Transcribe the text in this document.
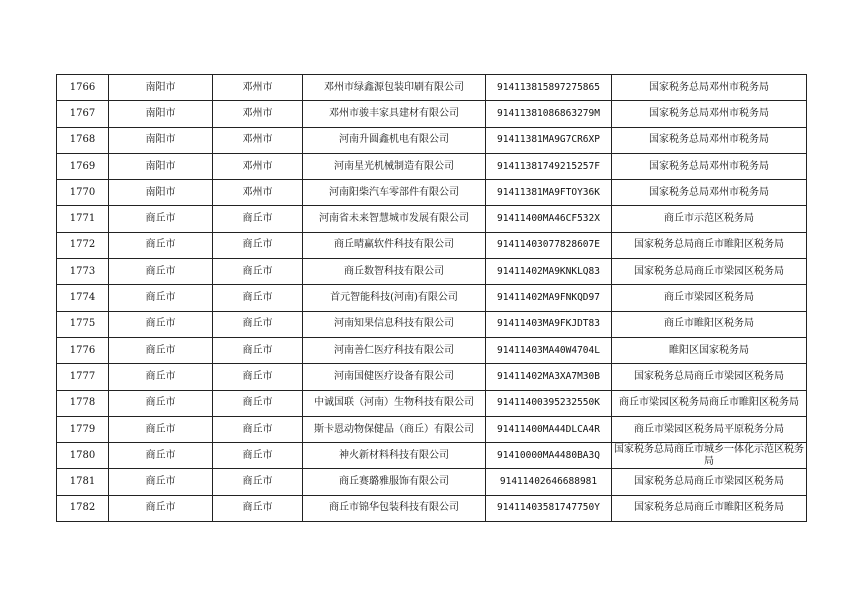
1766	南阳市	邓州市	邓州市绿鑫源包装印刷有限公司	914113815897275865	国家税务总局邓州市税务局
1767	南阳市	邓州市	邓州市骏丰家具建材有限公司	91411381086863279M	国家税务总局邓州市税务局
1768	南阳市	邓州市	河南升圆鑫机电有限公司	91411381MA9G7CR6XP	国家税务总局邓州市税务局
1769	南阳市	邓州市	河南星光机械制造有限公司	91411381749215257F	国家税务总局邓州市税务局
1770	南阳市	邓州市	河南阳柴汽车零部件有限公司	91411381MA9FTOY36K	国家税务总局邓州市税务局
1771	商丘市	商丘市	河南省未来智慧城市发展有限公司	91411400MA46CF532X	商丘市示范区税务局
1772	商丘市	商丘市	商丘晴赢软件科技有限公司	91411403077828607E	国家税务总局商丘市睢阳区税务局
1773	商丘市	商丘市	商丘数智科技有限公司	91411402MA9KNKLQ83	国家税务总局商丘市梁园区税务局
1774	商丘市	商丘市	首元智能科技(河南)有限公司	91411402MA9FNKQD97	商丘市梁园区税务局
1775	商丘市	商丘市	河南知果信息科技有限公司	91411403MA9FKJDT83	商丘市睢阳区税务局
1776	商丘市	商丘市	河南善仁医疗科技有限公司	91411403MA40W4704L	睢阳区国家税务局
1777	商丘市	商丘市	河南国健医疗设备有限公司	91411402MA3XA7M30B	国家税务总局商丘市梁园区税务局
1778	商丘市	商丘市	中诚国联（河南）生物科技有限公司	91411400395232550K	商丘市梁园区税务局商丘市睢阳区税务局
1779	商丘市	商丘市	斯卡恩动物保健品（商丘）有限公司	91411400MA44DLCA4R	商丘市梁园区税务局平原税务分局
1780	商丘市	商丘市	神火新材料科技有限公司	91410000MA4480BA3Q	国家税务总局商丘市城乡一体化示范区税务局
1781	商丘市	商丘市	商丘赛璐雅服饰有限公司	91411402646688981	国家税务总局商丘市梁园区税务局
1782	商丘市	商丘市	商丘市锦华包装科技有限公司	91411403581747750Y	国家税务总局商丘市睢阳区税务局
